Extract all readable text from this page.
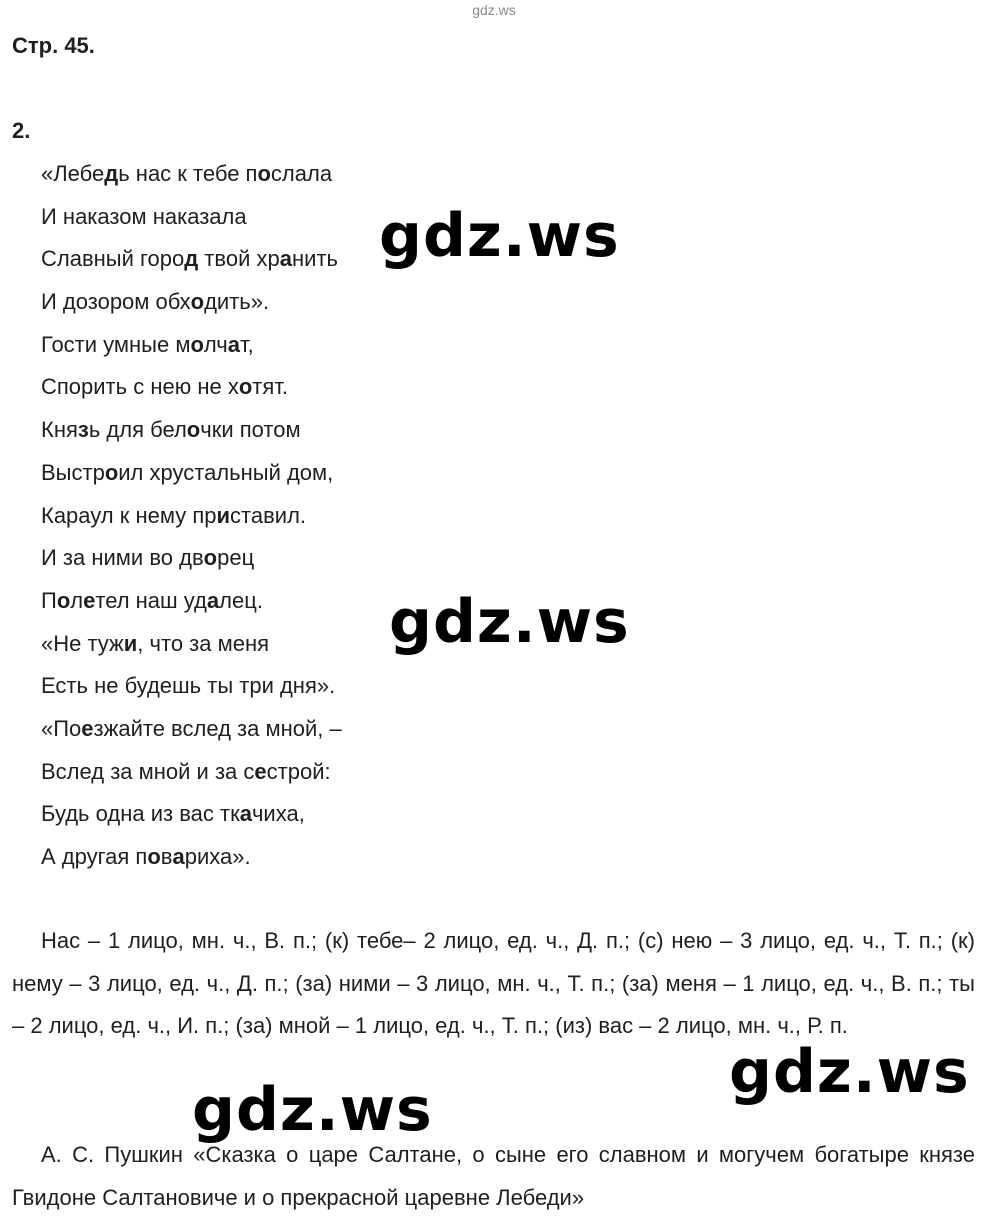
gdz.ws
Стр. 45.
2.
«Лебедь нас к тебе послала
И наказом наказала
Славный город твой хранить
И дозором обходить».
Гости умные молчат,
Спорить с нею не хотят.
Князь для белочки потом
Выстроил хрустальный дом,
Караул к нему приставил.
И за ними во дворец
Полетел наш удалец.
«Не тужи, что за меня
Есть не будешь ты три дня».
«Поезжайте вслед за мной, –
Вслед за мной и за сестрой:
Будь одна из вас ткачиха,
А другая повариха».

Нас – 1 лицо, мн. ч., В. п.; (к) тебе– 2 лицо, ед. ч., Д. п.; (с) нею – 3 лицо, ед. ч., Т. п.; (к) нему – 3 лицо, ед. ч., Д. п.; (за) ними – 3 лицо, мн. ч., Т. п.; (за) меня – 1 лицо, ед. ч., В. п.; ты – 2 лицо, ед. ч., И. п.; (за) мной – 1 лицо, ед. ч., Т. п.; (из) вас – 2 лицо, мн. ч., Р. п.

А. С. Пушкин «Сказка о царе Салтане, о сыне его славном и могучем богатыре князе Гвидоне Салтановиче и о прекрасной царевне Лебеди»

gdz.ws
gdz.ws
gdz.ws
gdz.ws
